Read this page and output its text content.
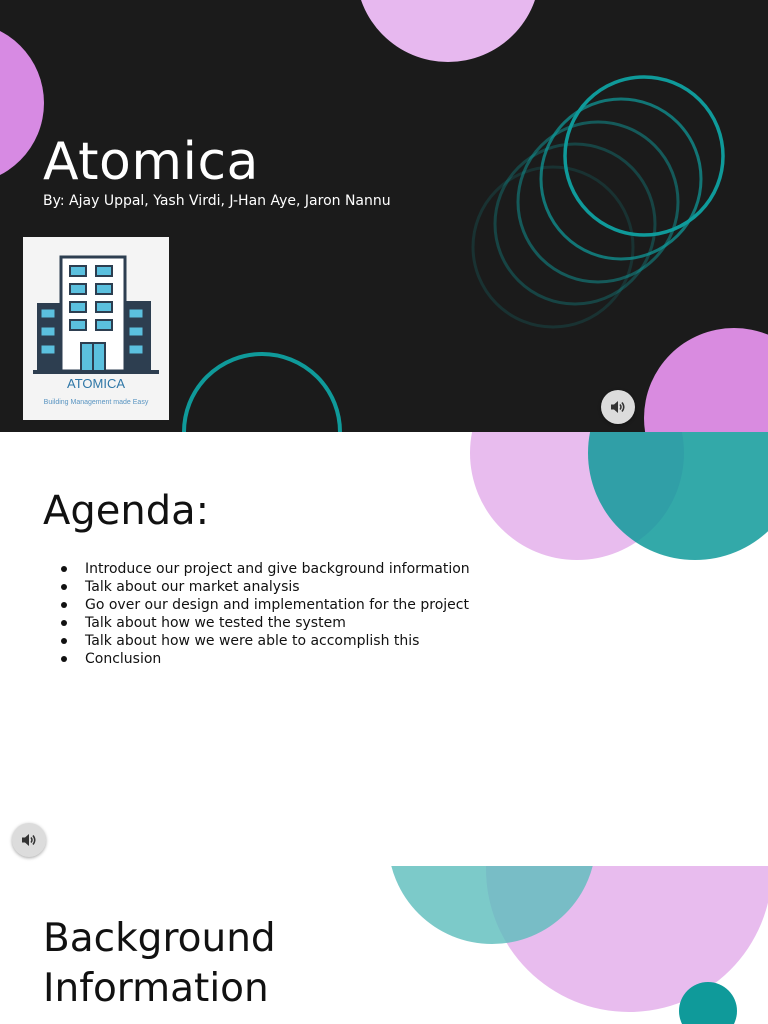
Atomica
By: Ajay Uppal, Yash Virdi, J-Han Aye, Jaron Nannu
ATOMICA
Building Management made Easy
Agenda:
Introduce our project and give background information
Talk about our market analysis
Go over our design and implementation for the project
Talk about how we tested the system
Talk about how we were able to accomplish this
Conclusion
Background
Information
